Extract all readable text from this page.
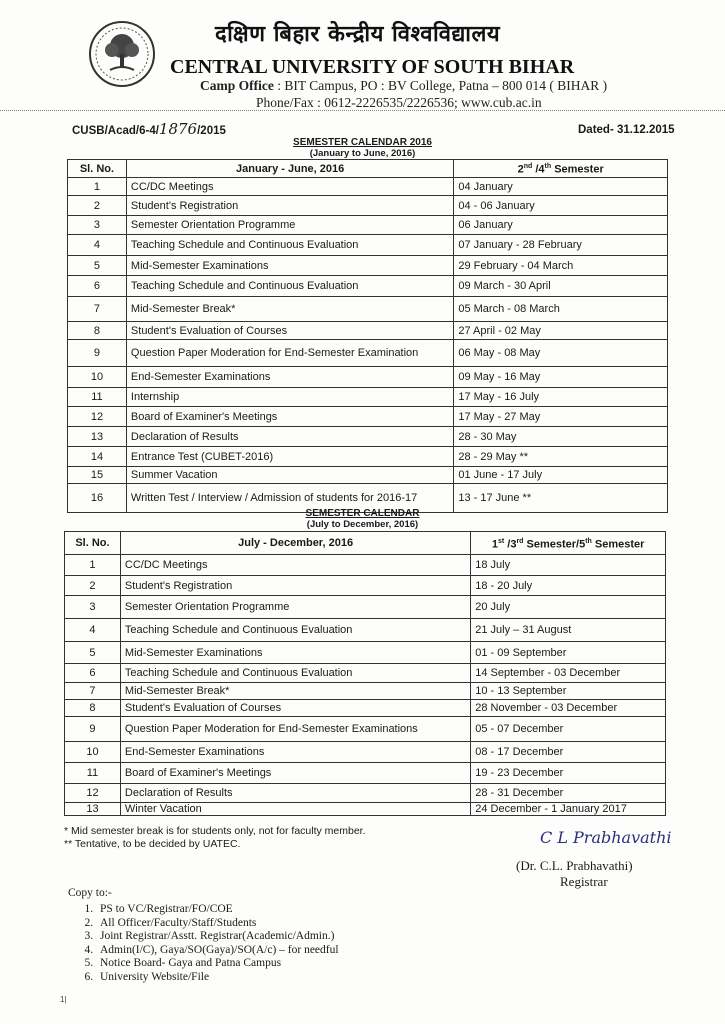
दक्षिण बिहार केन्द्रीय विश्वविद्यालय
CENTRAL UNIVERSITY OF SOUTH BIHAR
Camp Office : BIT Campus, PO : BV College, Patna – 800 014 ( BIHAR )
Phone/Fax : 0612-2226535/2226536; www.cub.ac.in
CUSB/Acad/6-4/1876/2015	Dated- 31.12.2015
SEMESTER CALENDAR 2016
(January to June, 2016)
Sl. No.	January - June, 2016	2nd /4th Semester
1	CC/DC Meetings	04 January
2	Student's Registration	04 - 06 January
3	Semester Orientation Programme	06 January
4	Teaching Schedule and Continuous Evaluation	07 January - 28 February
5	Mid-Semester Examinations	29 February - 04 March
6	Teaching Schedule and Continuous Evaluation	09 March - 30 April
7	Mid-Semester Break*	05 March - 08 March
8	Student's Evaluation of Courses	27 April - 02 May
9	Question Paper Moderation for End-Semester Examination	06 May - 08 May
10	End-Semester Examinations	09 May - 16 May
11	Internship	17 May - 16 July
12	Board of Examiner's Meetings	17 May - 27 May
13	Declaration of Results	28 - 30 May
14	Entrance Test (CUBET-2016)	28 - 29 May **
15	Summer Vacation	01 June - 17 July
16	Written Test / Interview / Admission of students for 2016-17	13 - 17 June **
SEMESTER CALENDAR
(July to December, 2016)
Sl. No.	July - December, 2016	1st /3rd Semester/5th Semester
1	CC/DC Meetings	18 July
2	Student's Registration	18 - 20 July
3	Semester Orientation Programme	20 July
4	Teaching Schedule and Continuous Evaluation	21 July – 31 August
5	Mid-Semester Examinations	01 - 09 September
6	Teaching Schedule and Continuous Evaluation	14 September - 03 December
7	Mid-Semester Break*	10 - 13 September
8	Student's Evaluation of Courses	28 November - 03 December
9	Question Paper Moderation for End-Semester Examinations	05 - 07 December
10	End-Semester Examinations	08 - 17 December
11	Board of Examiner's Meetings	19 - 23 December
12	Declaration of Results	28 - 31 December
13	Winter Vacation	24 December - 1 January 2017
* Mid semester break is for students only, not for faculty member.
** Tentative, to be decided by UATEC.	C L Prabhavathi
(Dr. C.L. Prabhavathi)
Registrar
Copy to:-
1. PS to VC/Registrar/FO/COE
2. All Officer/Faculty/Staff/Students
3. Joint Registrar/Asstt. Registrar(Academic/Admin.)
4. Admin(I/C), Gaya/SO(Gaya)/SO(A/c) – for needful
5. Notice Board- Gaya and Patna Campus
6. University Website/File
1|
